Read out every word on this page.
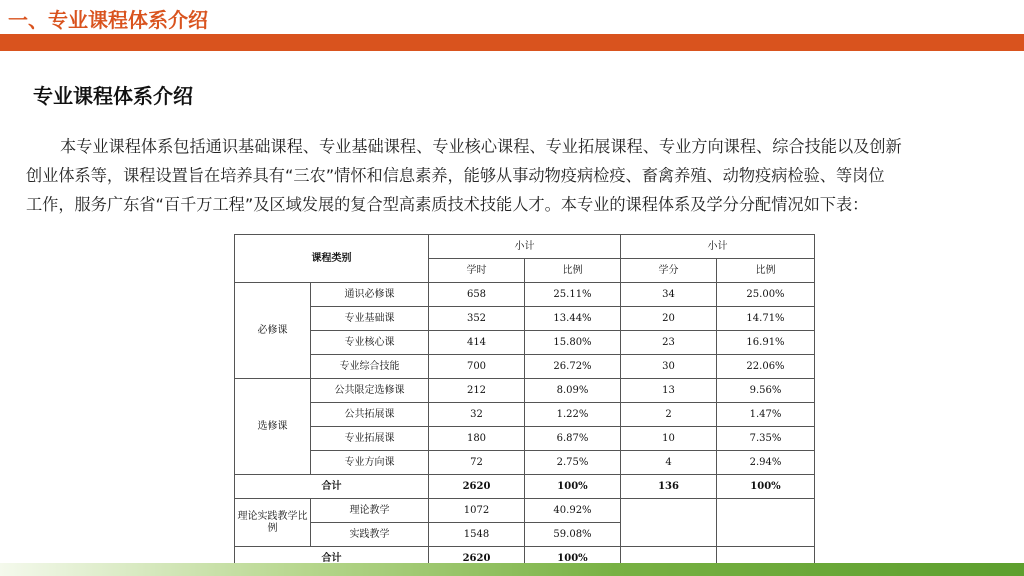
一、专业课程体系介绍
专业课程体系介绍

本专业课程体系包括通识基础课程、专业基础课程、专业核心课程、专业拓展课程、专业方向课程、综合技能以及创新
创业体系等，课程设置旨在培养具有“三农”情怀和信息素养，能够从事动物疫病检疫、畜禽养殖、动物疫病检验、等岗位
工作，服务广东省“百千万工程”及区域发展的复合型高素质技术技能人才。本专业的课程体系及学分分配情况如下表：

课程类别		小计		小计	
		学时	比例	学分	比例
必修课	通识必修课	658	25.11%	34	25.00%
	专业基础课	352	13.44%	20	14.71%
	专业核心课	414	15.80%	23	16.91%
	专业综合技能	700	26.72%	30	22.06%
选修课	公共限定选修课	212	8.09%	13	9.56%
	公共拓展课	32	1.22%	2	1.47%
	专业拓展课	180	6.87%	10	7.35%
	专业方向课	72	2.75%	4	2.94%
合计		2620	100%	136	100%
理论实践教学比例	理论教学	1072	40.92%		
	实践教学	1548	59.08%		
合计		2620	100%		
